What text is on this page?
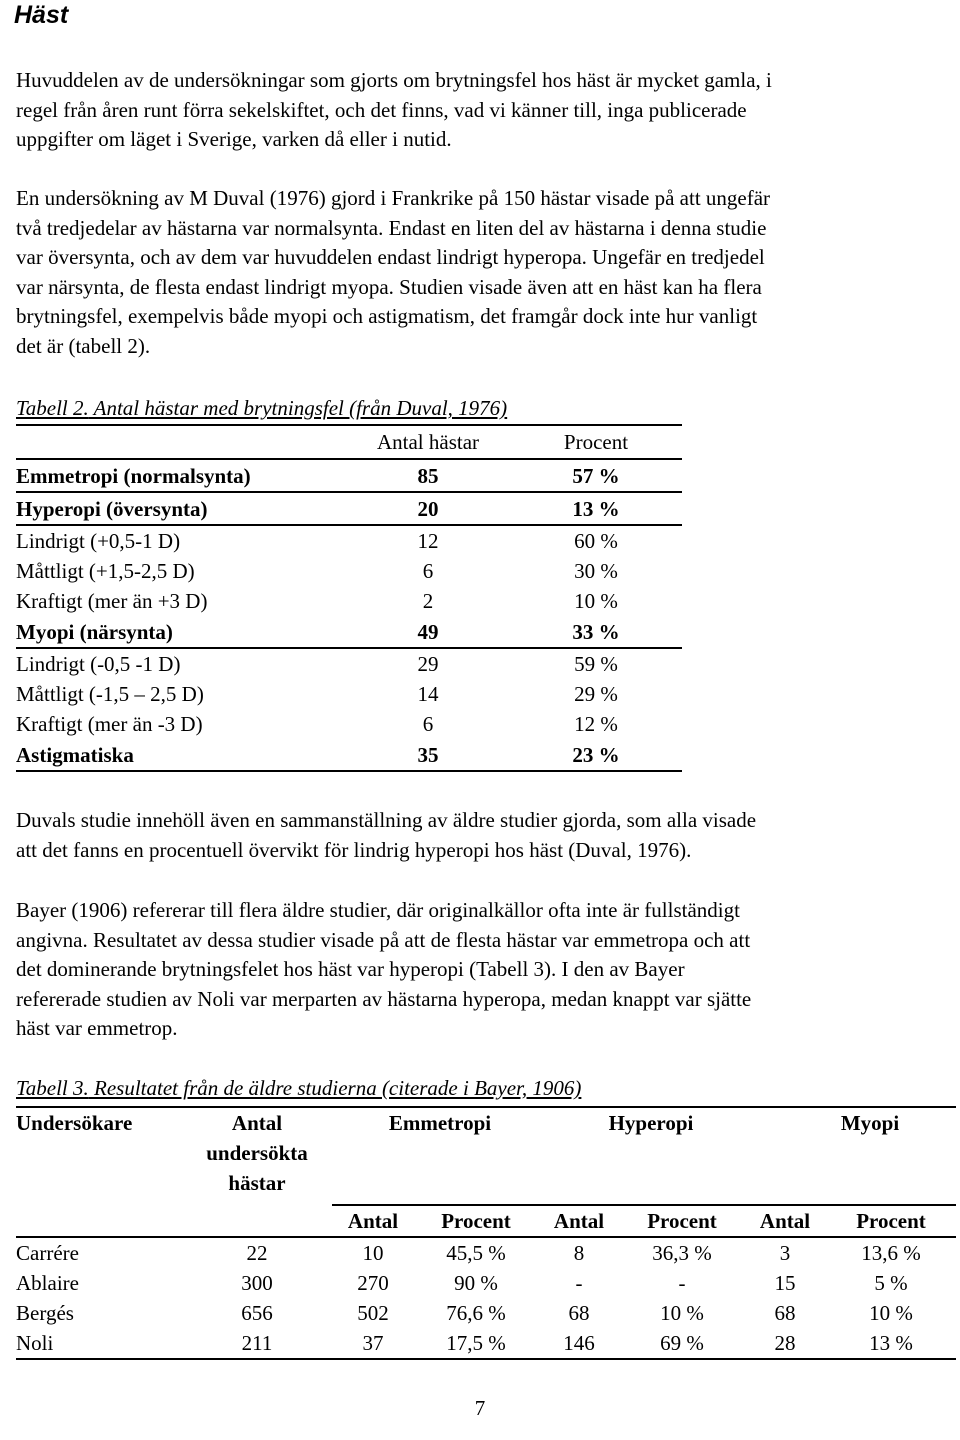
Häst

Huvuddelen av de undersökningar som gjorts om brytningsfel hos häst är mycket gamla, i
regel från åren runt förra sekelskiftet, och det finns, vad vi känner till, inga publicerade
uppgifter om läget i Sverige, varken då eller i nutid.

En undersökning av M Duval (1976) gjord i Frankrike på 150 hästar visade på att ungefär
två tredjedelar av hästarna var normalsynta. Endast en liten del av hästarna i denna studie
var översynta, och av dem var huvuddelen endast lindrigt hyperopa. Ungefär en tredjedel
var närsynta, de flesta endast lindrigt myopa. Studien visade även att en häst kan ha flera
brytningsfel, exempelvis både myopi och astigmatism, det framgår dock inte hur vanligt
det är (tabell 2).

Tabell 2. Antal hästar med brytningsfel (från Duval, 1976)

	Antal hästar	Procent
Emmetropi (normalsynta)	85	57 %
Hyperopi (översynta)	20	13 %
Lindrigt (+0,5-1 D)	12	60 %
Måttligt (+1,5-2,5 D)	6	30 %
Kraftigt (mer än +3 D)	2	10 %
Myopi (närsynta)	49	33 %
Lindrigt (-0,5 -1 D)	29	59 %
Måttligt (-1,5 – 2,5 D)	14	29 %
Kraftigt (mer än -3 D)	6	12 %
Astigmatiska	35	23 %

Duvals studie innehöll även en sammanställning av äldre studier gjorda, som alla visade
att det fanns en procentuell övervikt för lindrig hyperopi hos häst (Duval, 1976).

Bayer (1906) refererar till flera äldre studier, där originalkällor ofta inte är fullständigt
angivna. Resultatet av dessa studier visade på att de flesta hästar var emmetropa och att
det dominerande brytningsfelet hos häst var hyperopi (Tabell 3). I den av Bayer
refererade studien av Noli var merparten av hästarna hyperopa, medan knappt var sjätte
häst var emmetrop.

Tabell 3. Resultatet från de äldre studierna (citerade i Bayer, 1906)

Undersökare	Antal
undersökta
hästar	Emmetropi		Hyperopi		Myopi	
		Antal	Procent	Antal	Procent	Antal	Procent
Carrére	22	10	45,5 %	8	36,3 %	3	13,6 %
Ablaire	300	270	90 %	-	-	15	5 %
Bergés	656	502	76,6 %	68	10 %	68	10 %
Noli	211	37	17,5 %	146	69 %	28	13 %
7
